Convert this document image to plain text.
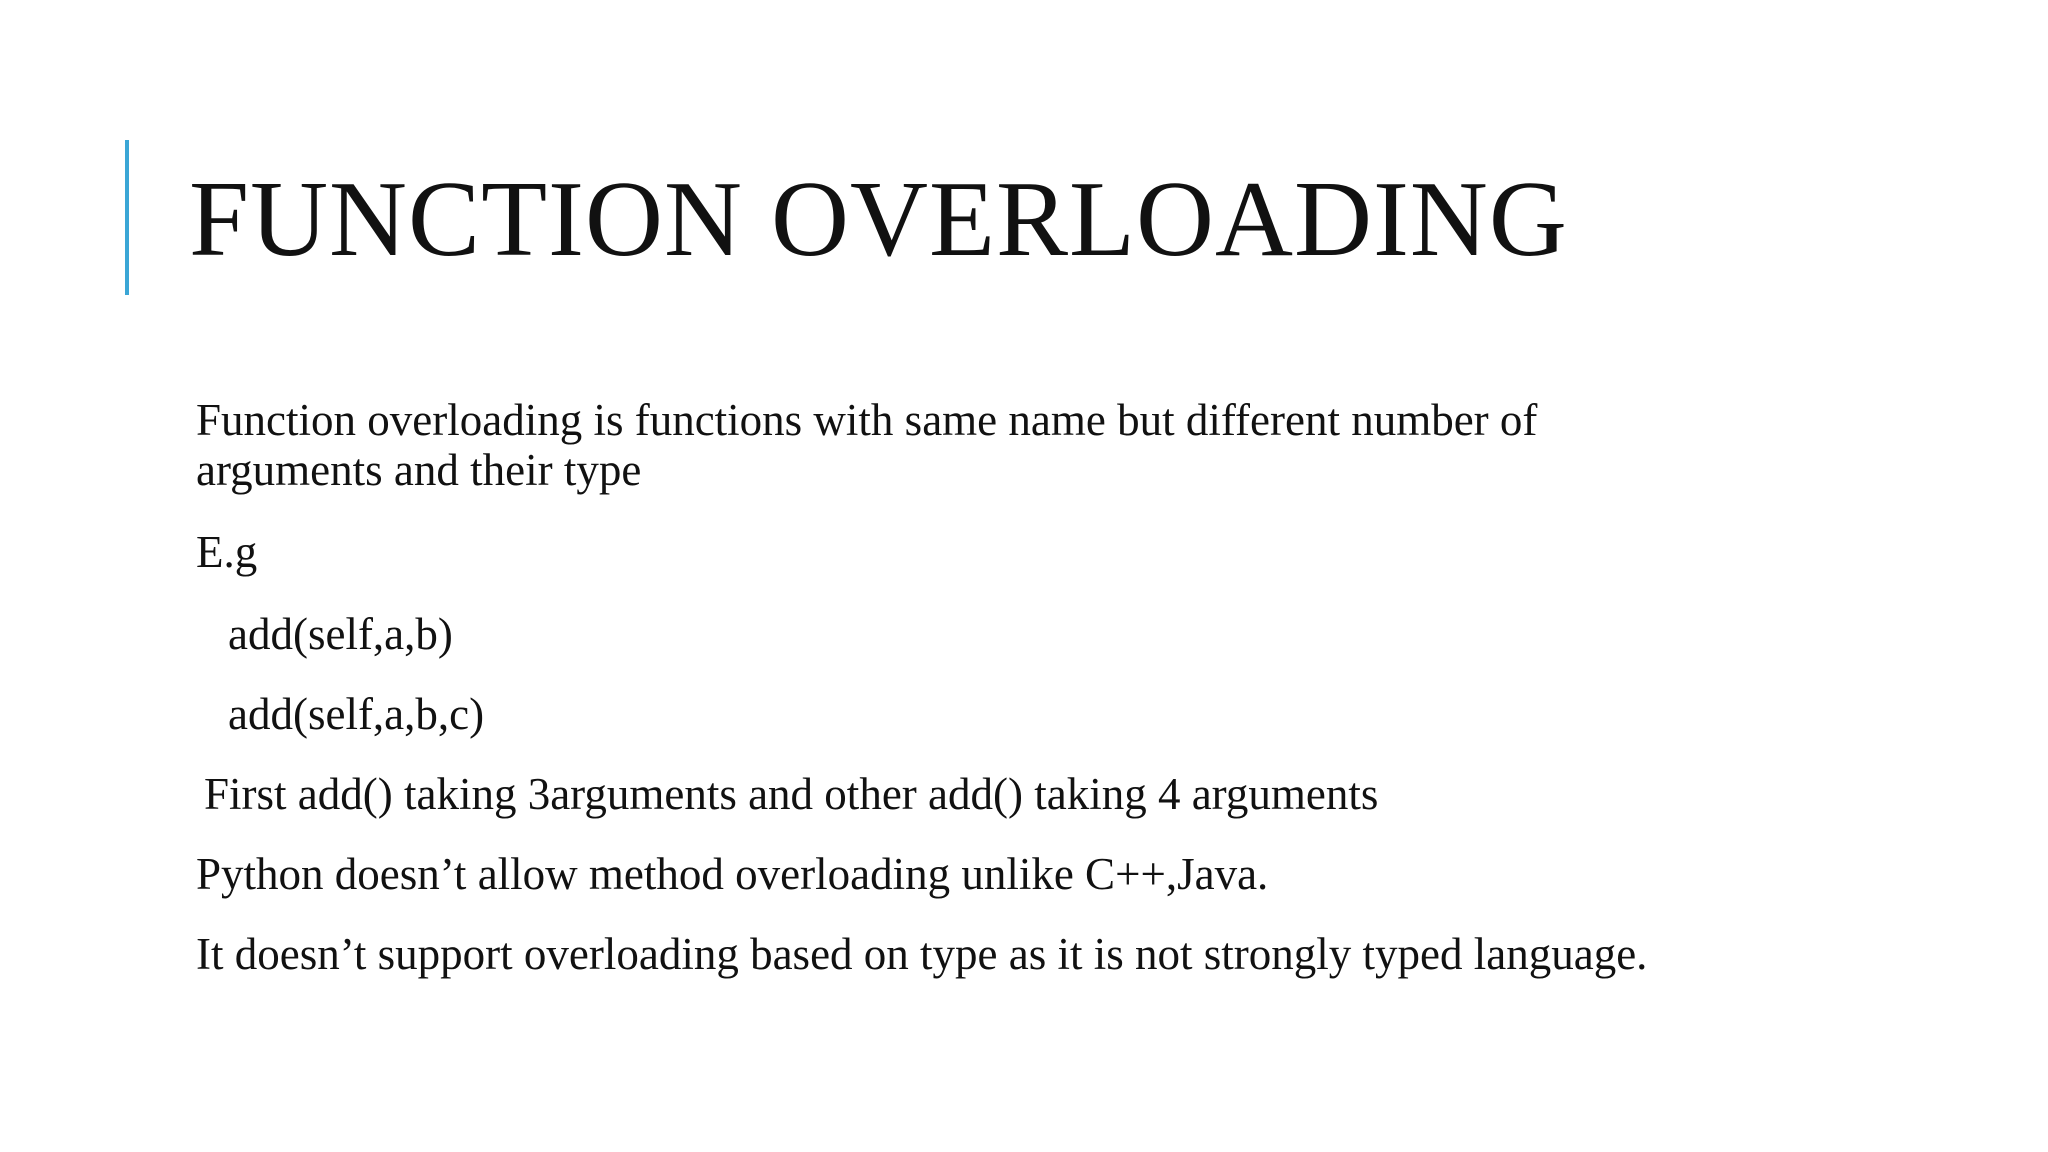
FUNCTION OVERLOADING
Function overloading is functions with same name but different number of
arguments and their type
E.g
add(self,a,b)
add(self,a,b,c)
First add() taking 3arguments and other add() taking 4 arguments
Python doesn’t allow method overloading unlike C++,Java.
It doesn’t support overloading based on type as it is not strongly typed language.
